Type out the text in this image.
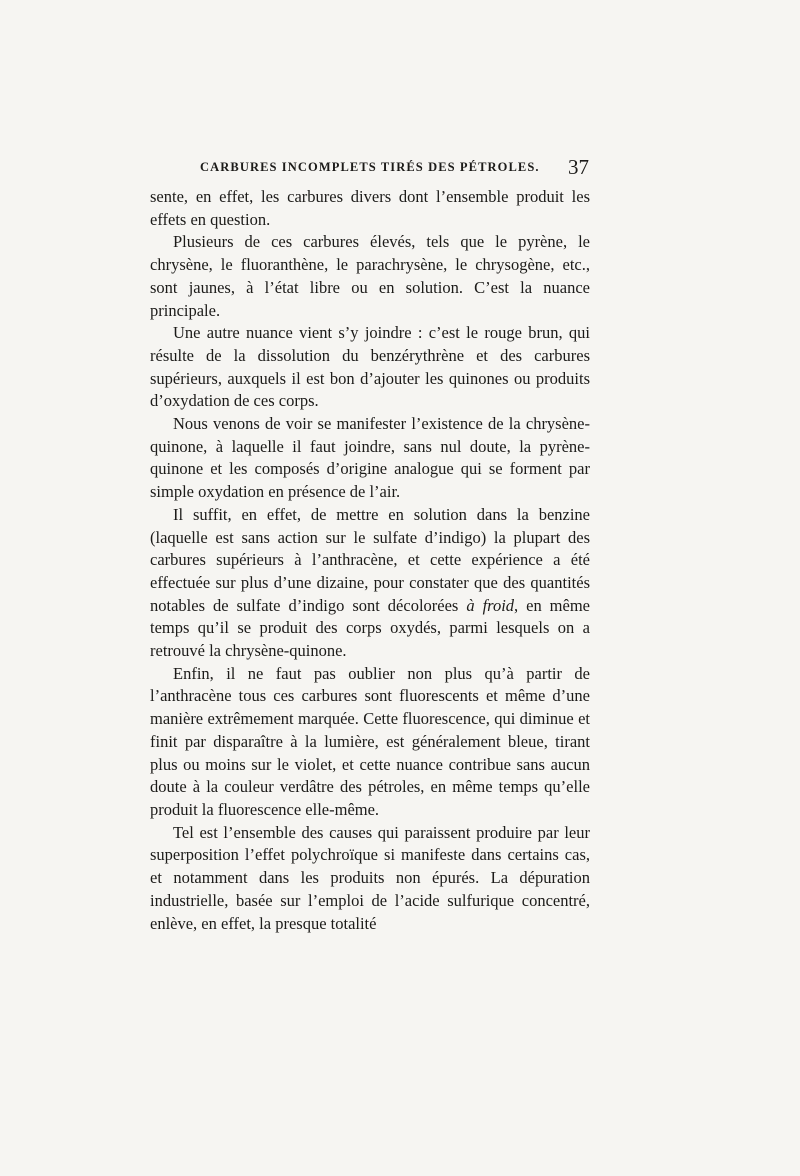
CARBURES INCOMPLETS TIRÉS DES PÉTROLES. 37

sente, en effet, les carbures divers dont l’ensemble produit les effets en question.

Plusieurs de ces carbures élevés, tels que le pyrène, le chrysène, le fluoranthène, le parachrysène, le chrysogène, etc., sont jaunes, à l’état libre ou en solution. C’est la nuance principale.

Une autre nuance vient s’y joindre : c’est le rouge brun, qui résulte de la dissolution du benzérythrène et des carbures supérieurs, auxquels il est bon d’ajouter les quinones ou produits d’oxydation de ces corps.

Nous venons de voir se manifester l’existence de la chrysène-quinone, à laquelle il faut joindre, sans nul doute, la pyrène-quinone et les composés d’origine analogue qui se forment par simple oxydation en présence de l’air.

Il suffit, en effet, de mettre en solution dans la benzine (laquelle est sans action sur le sulfate d’indigo) la plupart des carbures supérieurs à l’anthracène, et cette expérience a été effectuée sur plus d’une dizaine, pour constater que des quantités notables de sulfate d’indigo sont décolorées à froid, en même temps qu’il se produit des corps oxydés, parmi lesquels on a retrouvé la chrysène-quinone.

Enfin, il ne faut pas oublier non plus qu’à partir de l’anthracène tous ces carbures sont fluorescents et même d’une manière extrêmement marquée. Cette fluorescence, qui diminue et finit par disparaître à la lumière, est généralement bleue, tirant plus ou moins sur le violet, et cette nuance contribue sans aucun doute à la couleur verdâtre des pétroles, en même temps qu’elle produit la fluorescence elle-même.

Tel est l’ensemble des causes qui paraissent produire par leur superposition l’effet polychroïque si manifeste dans certains cas, et notamment dans les produits non épurés. La dépuration industrielle, basée sur l’emploi de l’acide sulfurique concentré, enlève, en effet, la presque totalité
